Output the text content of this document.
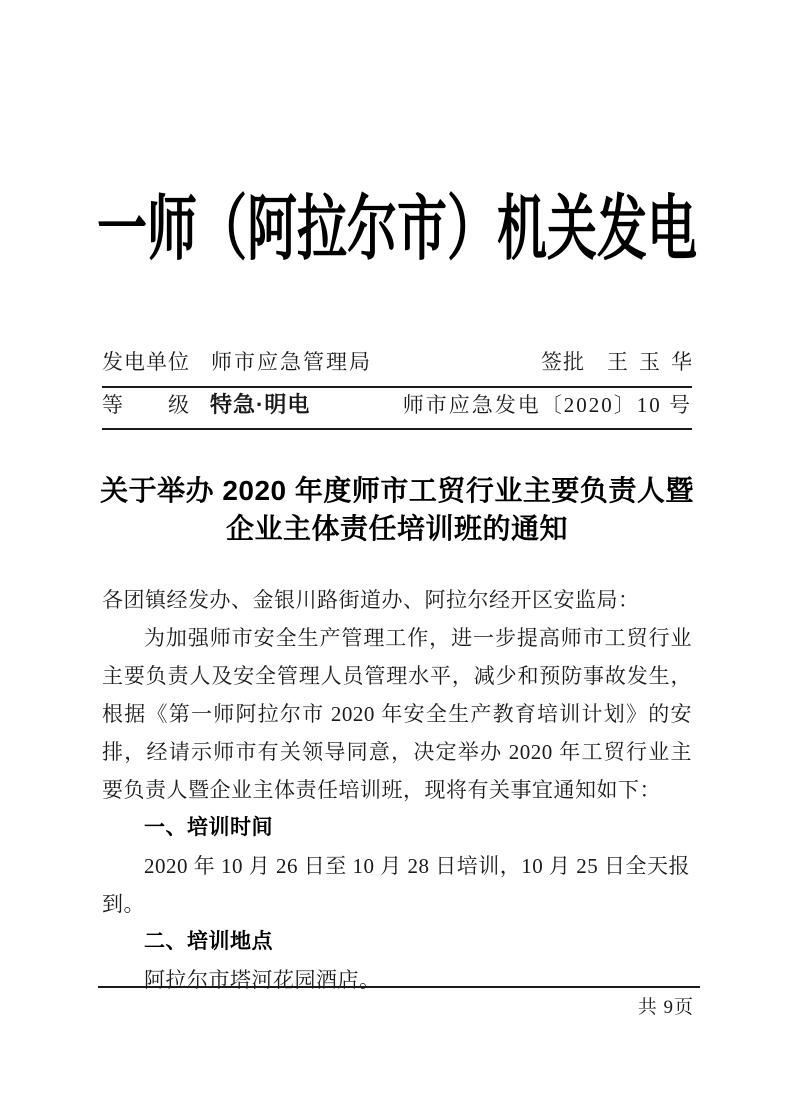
一师（阿拉尔市）机关发电
发电单位 师市应急管理局	签批 王玉华
等　　级 特急·明电	师市应急发电〔2020〕10 号
关于举办 2020 年度师市工贸行业主要负责人暨
企业主体责任培训班的通知

各团镇经发办、金银川路街道办、阿拉尔经开区安监局：

为加强师市安全生产管理工作，进一步提高师市工贸行业主要负责人及安全管理人员管理水平，减少和预防事故发生，根据《第一师阿拉尔市 2020 年安全生产教育培训计划》的安排，经请示师市有关领导同意，决定举办 2020 年工贸行业主要负责人暨企业主体责任培训班，现将有关事宜通知如下：

一、培训时间

2020 年 10 月 26 日至 10 月 28 日培训，10 月 25 日全天报到。

二、培训地点

阿拉尔市塔河花园酒店。

共 9页
